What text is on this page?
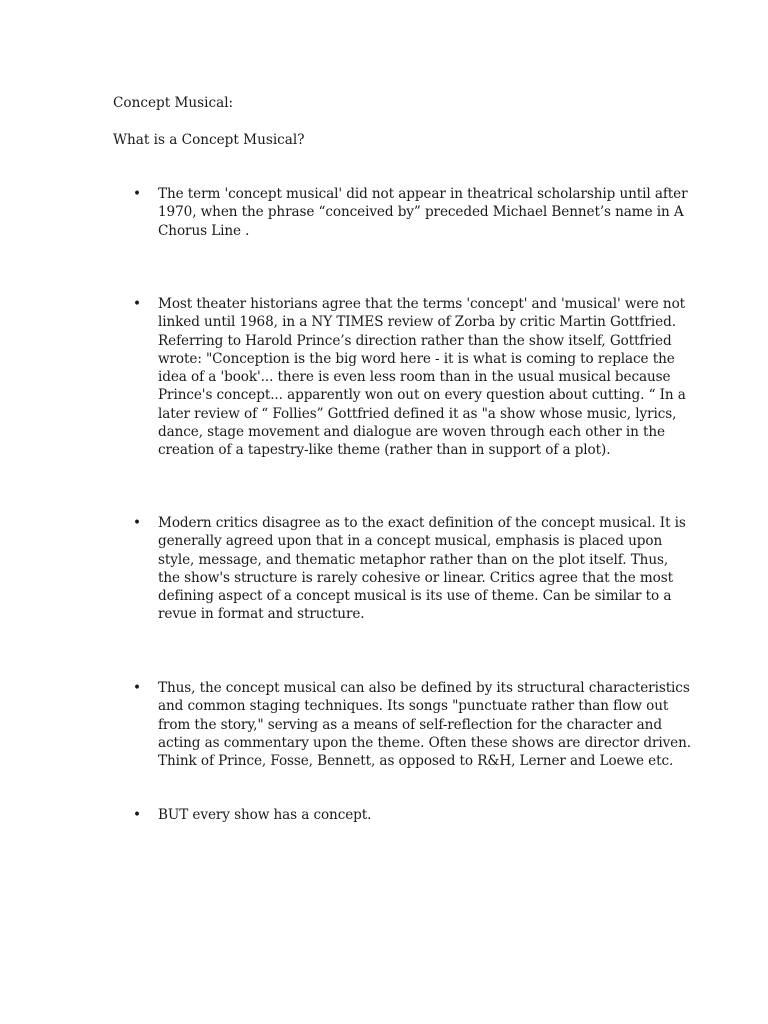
Concept Musical:
What is a Concept Musical?
• The term 'concept musical' did not appear in theatrical scholarship until after
1970, when the phrase “conceived by” preceded Michael Bennet’s name in A
Chorus Line .

• Most theater historians agree that the terms 'concept' and 'musical' were not
linked until 1968, in a NY TIMES review of Zorba by critic Martin Gottfried.
Referring to Harold Prince’s direction rather than the show itself, Gottfried
wrote: "Conception is the big word here - it is what is coming to replace the
idea of a 'book'... there is even less room than in the usual musical because
Prince's concept... apparently won out on every question about cutting. “ In a
later review of “ Follies” Gottfried defined it as "a show whose music, lyrics,
dance, stage movement and dialogue are woven through each other in the
creation of a tapestry-like theme (rather than in support of a plot).

• Modern critics disagree as to the exact definition of the concept musical. It is
generally agreed upon that in a concept musical, emphasis is placed upon
style, message, and thematic metaphor rather than on the plot itself. Thus,
the show's structure is rarely cohesive or linear. Critics agree that the most
defining aspect of a concept musical is its use of theme. Can be similar to a
revue in format and structure.

• Thus, the concept musical can also be defined by its structural characteristics
and common staging techniques. Its songs "punctuate rather than flow out
from the story," serving as a means of self-reflection for the character and
acting as commentary upon the theme. Often these shows are director driven.
Think of Prince, Fosse, Bennett, as opposed to R&H, Lerner and Loewe etc.

• BUT every show has a concept.
